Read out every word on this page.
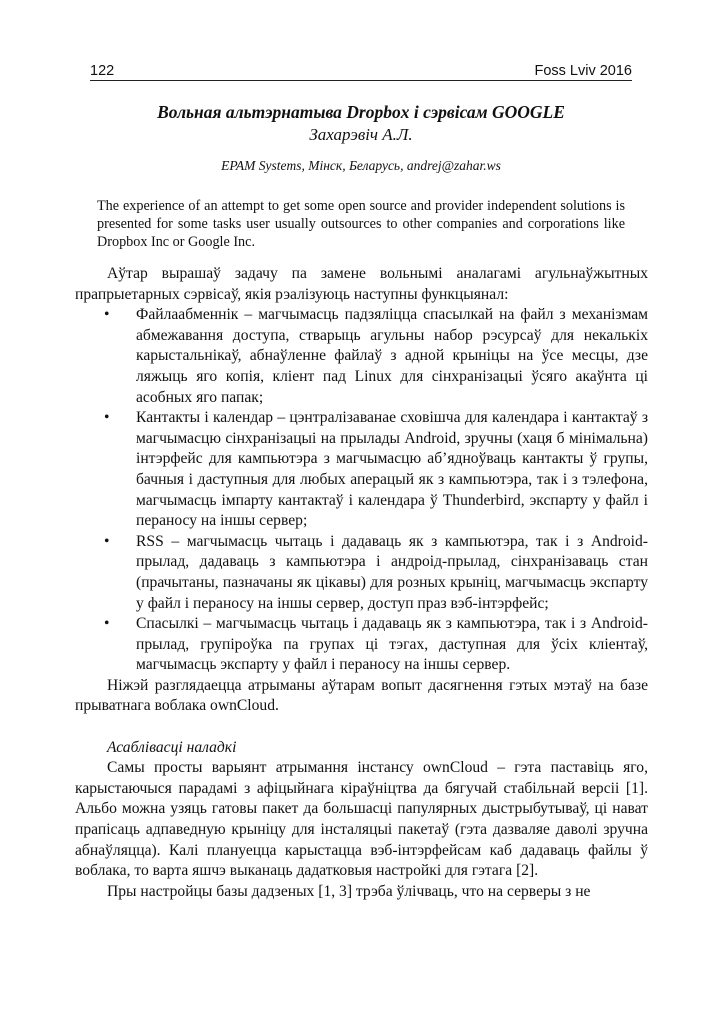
122	Foss Lviv 2016
Вольная альтэрнатыва Dropbox і сэрвісам GOOGLE
Захарэвіч А.Л.
EPAM Systems, Мінск, Беларусь, andrej@zahar.ws
The experience of an attempt to get some open source and provider independent solutions is presented for some tasks user usually outsources to other companies and corporations like Dropbox Inc or Google Inc.

Аўтар вырашаў задачу па замене вольнымі аналагамі агульнаўжытных прапрыетарных сэрвісаў, якія рэалізуюць наступны функцыянал:

• Файлаабменнік – магчымасць падзяліцца спасылкай на файл з механізмам абмежавання доступа, стварыць агульны набор рэсурсаў для некалькіх карыстальнікаў, абнаўленне файлаў з адной крыніцы на ўсе месцы, дзе ляжыць яго копія, кліент пад Linux для сінхранізацыі ўсяго акаўнта ці асобных яго папак;
• Кантакты і календар – цэнтралізаванае сховішча для календара і кантактаў з магчымасцю сінхранізацыі на прылады Android, зручны (хаця б мінімальна) інтэрфейс для кампьютэра з магчымасцю аб’ядноўваць кантакты ў групы, бачныя і даступныя для любых аперацый як з кампьютэра, так і з тэлефона, магчымасць імпарту кантактаў і календара ў Thunderbird, экспарту у файл і пераносу на іншы сервер;
• RSS – магчымасць чытаць і дадаваць як з кампьютэра, так і з Android-прылад, дадаваць з кампьютэра і андроід-прылад, сінхранізаваць стан (прачытаны, пазначаны як цікавы) для розных крыніц, магчымасць экспарту у файл і пераносу на іншы сервер, доступ праз вэб-інтэрфейс;
• Спасылкі – магчымасць чытаць і дадаваць як з кампьютэра, так і з Android-прылад, групіроўка па групах ці тэгах, даступная для ўсіх кліентаў, магчымасць экспарту у файл і пераносу на іншы сервер.

Ніжэй разглядаецца атрыманы аўтарам вопыт дасягнення гэтых мэтаў на базе прыватнага воблака ownCloud.

Асаблівасці наладкі

Самы просты варыянт атрымання інстансу ownCloud – гэта паставіць яго, карыстаючыся парадамі з афіцыйнага кіраўніцтва да бягучай стабільнай версіі [1]. Альбо можна узяць гатовы пакет да большасці папулярных дыстрыбутываў, ці нават прапісаць адпаведную крыніцу для інсталяцыі пакетаў (гэта дазваляе даволі зручна абнаўляцца). Калі плануецца карыстацца вэб-інтэрфейсам каб дадаваць файлы ў воблака, то варта яшчэ выканаць дадатковыя настройкі для гэтага [2].

Пры настройцы базы дадзеных [1, 3] трэба ўлічваць, что на серверы з не
